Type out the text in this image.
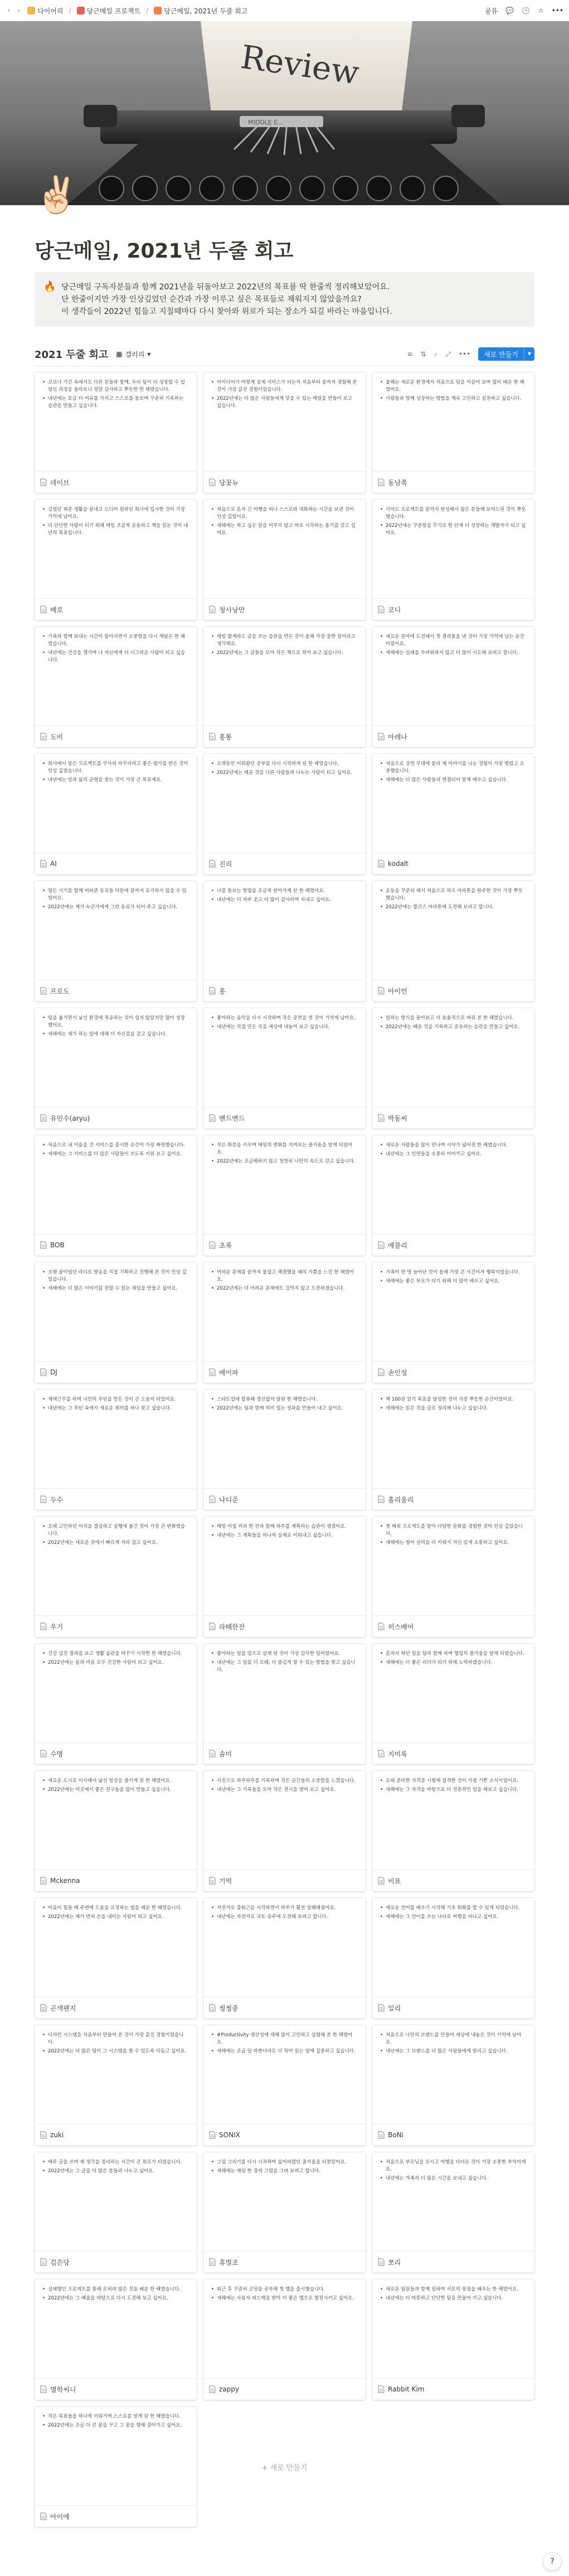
‹ ›	다이어리 / 당근메일 프로젝트 / 당근메일, 2021년 두줄 회고	공유 💬 🕒 ☆ •••
Review
MIDDLE E...
✌🏻
당근메일, 2021년 두줄 회고
🔥 당근메일 구독자분들과 함께 2021년을 뒤돌아보고 2022년의 목표를 딱 한줄씩 정리해보았어요.
단 한줄이지만 가장 인상깊었던 순간과 가장 이루고 싶은 목표들로 채워지지 않았을까요?
이 생각들이 2022년 힘들고 지칠때마다 다시 찾아와 위로가 되는 장소가 되길 바라는 마음입니다.
2021 두줄 회고 ▦ 갤러리 ▾	≡ ⇅ ⌕ ⤢ •••	새로 만들기	▾
• 코로나 기간 속에서도 다른 분들과 함께, 우리 팀이 더 성장할 수 있었던 과정을 돌아보니 정말 감사하고 뿌듯한 한 해였습니다.
• 내년에는 조금 더 여유를 가지고 스스로를 돌보며 꾸준히 기록하는 습관을 만들고 싶습니다.
데이브
• 아이디어가 어떻게 실제 서비스가 되는지 처음부터 끝까지 경험해 본 것이 가장 값진 경험이었습니다.
• 2022년에는 더 많은 사람들에게 닿을 수 있는 메일을 만들어 보고 싶습니다.
당꽃뉴
• 올해는 새로운 환경에서 처음으로 팀을 이끌어 보며 많이 배운 한 해였어요.
• 사람들과 함께 성장하는 방법을 계속 고민하고 실천하고 싶습니다.
동남쪽
• 길었던 취준 생활을 끝내고 드디어 원하던 회사에 입사한 것이 가장 기억에 남아요.
• 더 단단한 사람이 되기 위해 매일 조금씩 운동하고 책을 읽는 것이 내년의 목표입니다.
베로
• 처음으로 혼자 긴 여행을 떠나 스스로와 대화하는 시간을 보낸 것이 인상 깊었어요.
• 새해에는 하고 싶은 일을 미루지 않고 바로 시작하는 용기를 갖고 싶어요.
청사낭만
• 사이드 프로젝트를 끝까지 완성해서 많은 분들께 보여드린 것이 뿌듯했습니다.
• 2022년에는 꾸준함을 무기로 한 단계 더 성장하는 개발자가 되고 싶어요.
코디
• 가족과 함께 보내는 시간이 많아지면서 소중함을 다시 깨달은 한 해였습니다.
• 내년에는 건강을 챙기며 나 자신에게 더 너그러운 사람이 되고 싶습니다.
도비
• 매일 짧게라도 글을 쓰는 습관을 만든 것이 올해 가장 잘한 일이라고 생각해요.
• 2022년에는 그 글들을 모아 작은 책으로 엮어 보고 싶습니다.
홍통
• 새로운 분야에 도전해서 첫 결과물을 낸 것이 가장 기억에 남는 순간이었어요.
• 새해에는 실패를 두려워하지 않고 더 많이 시도해 보려고 합니다.
아레나
• 회사에서 맡은 프로젝트를 무사히 마무리하고 좋은 평가를 받은 것이 인상 깊었습니다.
• 내년에는 일과 삶의 균형을 찾는 것이 가장 큰 목표예요.
AI
• 오랫동안 미뤄왔던 공부를 다시 시작하게 된 한 해였습니다.
• 2022년에는 배운 것을 다른 사람들과 나누는 사람이 되고 싶어요.
진리
• 처음으로 강연 무대에 올라 제 이야기를 나눈 경험이 가장 떨렸고 소중했습니다.
• 새해에는 더 많은 사람들과 연결되어 함께 배우고 싶습니다.
kodalt
• 힘든 시기를 함께 버텨준 동료들 덕분에 끝까지 포기하지 않을 수 있었어요.
• 2022년에는 제가 누군가에게 그런 동료가 되어 주고 싶습니다.
프로도
• 나를 돌보는 방법을 조금씩 알아가게 된 한 해였어요.
• 내년에는 더 자주 웃고 더 많이 감사하며 지내고 싶어요.
홍
• 운동을 꾸준히 해서 처음으로 하프 마라톤을 완주한 것이 가장 뿌듯했습니다.
• 2022년에는 풀코스 마라톤에 도전해 보려고 합니다.
아이언
• 팀을 옮기면서 낯선 환경에 적응하는 것이 쉽지 않았지만 많이 성장했어요.
• 새해에는 제가 하는 일에 대해 더 자신감을 갖고 싶습니다.
유민수(aryu)
• 좋아하는 음악을 다시 시작하며 작은 공연을 연 것이 기억에 남아요.
• 내년에는 직접 만든 곡을 세상에 내놓아 보고 싶습니다.
밴드맨드
• 일하는 방식을 돌아보고 더 효율적으로 바꿔 본 한 해였습니다.
• 2022년에는 배운 것을 기록하고 공유하는 습관을 만들고 싶어요.
박동씨
• 처음으로 내 이름을 건 서비스를 출시한 순간이 가장 짜릿했습니다.
• 새해에는 그 서비스를 더 많은 사람들이 쓰도록 키워 보고 싶어요.
BOB
• 작은 화분을 키우며 매일의 변화를 지켜보는 즐거움을 알게 되었어요.
• 2022년에는 조급해하지 않고 천천히 나만의 속도로 걷고 싶습니다.
초록
• 새로운 사람들을 많이 만나며 시야가 넓어진 한 해였습니다.
• 내년에는 그 인연들을 소중히 이어가고 싶어요.
에블리
• 오랜 꿈이었던 라디오 방송을 직접 기획하고 진행해 본 것이 인상 깊었습니다.
• 새해에는 더 많은 이야기를 전할 수 있는 채널을 만들고 싶어요.
DJ
• 어려운 문제를 끝까지 붙잡고 해결했을 때의 기쁨을 느낀 한 해였어요.
• 2022년에는 더 어려운 문제에도 겁먹지 않고 도전하겠습니다.
베이파
• 가족이 한 명 늘어난 것이 올해 가장 큰 사건이자 행복이었습니다.
• 새해에는 좋은 부모가 되기 위해 더 많이 배우고 싶어요.
손인성
• 재택근무를 하며 나만의 루틴을 만든 것이 큰 도움이 되었어요.
• 내년에는 그 루틴 속에서 새로운 취미를 하나 찾고 싶습니다.
두수
• 스타트업에 합류해 정신없이 달린 한 해였습니다.
• 2022년에는 팀과 함께 의미 있는 성과를 만들어 내고 싶어요.
나디준
• 책 100권 읽기 목표를 달성한 것이 가장 뿌듯한 순간이었어요.
• 새해에는 읽은 것을 글로 정리해 나누고 싶습니다.
홀리올리
• 오래 고민하던 이직을 결심하고 실행에 옮긴 것이 가장 큰 변화였습니다.
• 2022년에는 새로운 곳에서 빠르게 자리 잡고 싶어요.
우기
• 매일 아침 커피 한 잔과 함께 하루를 계획하는 습관이 생겼어요.
• 내년에는 그 계획들을 하나씩 실제로 이뤄내고 싶습니다.
라떼한잔
• 첫 해외 프로젝트를 맡아 다양한 문화를 경험한 것이 인상 깊었습니다.
• 새해에는 영어 실력을 더 키워서 자신 있게 소통하고 싶어요.
히스베어
• 건강 검진 결과를 보고 생활 습관을 바꾸기 시작한 한 해였습니다.
• 2022년에는 몸과 마음 모두 건강한 사람이 되고 싶어요.
수명
• 좋아하는 일을 업으로 삼게 된 것이 가장 감사한 일이었어요.
• 내년에는 그 일을 더 오래, 더 즐겁게 할 수 있는 방법을 찾고 싶습니다.
솜미
• 혼자서 하던 일을 팀과 함께 하며 협업의 즐거움을 알게 되었습니다.
• 새해에는 더 좋은 리더가 되기 위해 노력하겠습니다.
지미룩
• 새로운 도시로 이사해서 낯선 일상을 즐기게 된 한 해였어요.
• 2022년에는 이곳에서 좋은 친구들을 많이 만들고 싶습니다.
Mckenna
• 사진으로 하루하루를 기록하며 작은 순간들의 소중함을 느꼈습니다.
• 내년에는 그 기록들을 모아 작은 전시를 열어 보고 싶어요.
기억
• 오래 준비한 자격증 시험에 합격한 것이 가장 기쁜 소식이었어요.
• 새해에는 그 자격을 바탕으로 더 전문적인 일을 해보고 싶습니다.
비표
• 마음이 힘들 때 주변에 도움을 요청하는 법을 배운 한 해였습니다.
• 2022년에는 제가 먼저 손을 내미는 사람이 되고 싶어요.
곤색팬지
• 자전거로 출퇴근을 시작하면서 하루가 훨씬 상쾌해졌어요.
• 내년에는 자전거로 국토 종주에 도전해 보려고 합니다.
씽씽중
• 새로운 언어를 배우기 시작해 기초 회화를 할 수 있게 되었습니다.
• 새해에는 그 언어를 쓰는 나라로 여행을 떠나고 싶어요.
일리
• 디자인 시스템을 처음부터 만들어 본 것이 가장 값진 경험이었습니다.
• 2022년에는 더 많은 팀이 그 시스템을 쓸 수 있도록 다듬고 싶어요.
zuki
• #Productivity 생산성에 대해 많이 고민하고 실험해 본 한 해였어요.
• 새해에는 조금 덜 바쁘더라도 더 의미 있는 일에 집중하고 싶습니다.
SONIX
• 처음으로 나만의 브랜드를 만들어 세상에 내놓은 것이 기억에 남아요.
• 내년에는 그 브랜드를 더 많은 사람들에게 알리고 싶습니다.
BoNi
• 매주 글을 쓰며 제 생각을 정리하는 시간이 큰 위로가 되었습니다.
• 2022년에는 그 글을 더 많은 분들과 나누고 싶어요.
김은당
• 그림 그리기를 다시 시작하며 잃어버렸던 즐거움을 되찾았어요.
• 새해에는 매일 한 장씩 그림을 그려 보려고 합니다.
휴벌조
• 처음으로 부모님을 모시고 여행을 다녀온 것이 가장 소중한 추억이에요.
• 내년에는 가족과 더 많은 시간을 보내고 싶습니다.
쪼리
• 실패했던 프로젝트를 통해 오히려 많은 것을 배운 한 해였습니다.
• 2022년에는 그 배움을 바탕으로 다시 도전해 보고 싶어요.
멸학씨니
• 퇴근 후 꾸준히 코딩을 공부해 첫 앱을 출시했습니다.
• 새해에는 사용자 피드백을 받아 더 좋은 앱으로 발전시키고 싶어요.
zappy
• 새로운 팀원들과 함께 일하며 서로의 장점을 배우는 한 해였어요.
• 내년에는 더 따뜻하고 단단한 팀을 만들어 가고 싶습니다.
Rabbit Kim
• 작은 목표들을 하나씩 이뤄가며 스스로를 믿게 된 한 해였습니다.
• 2022년에는 조금 더 큰 꿈을 꾸고 그 꿈을 향해 걸어가고 싶어요.
아이에
+ 새로 만들기
?
